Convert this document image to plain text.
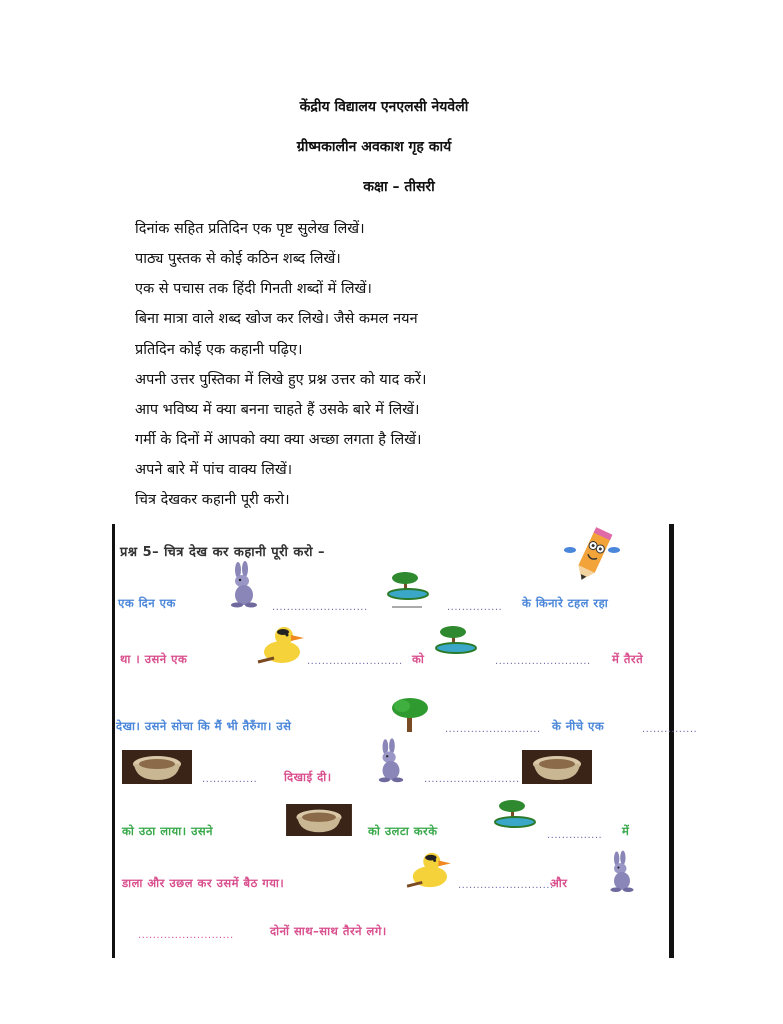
केंद्रीय विद्यालय एनएलसी नेयवेली
ग्रीष्मकालीन अवकाश गृह कार्य
कक्षा – तीसरी
दिनांक सहित प्रतिदिन एक पृष्ट सुलेख लिखें।
पाठ्य पुस्तक से कोई कठिन शब्द लिखें।
एक से पचास तक हिंदी गिनती शब्दों में लिखें।
बिना मात्रा वाले शब्द खोज कर लिखे। जैसे कमल नयन
प्रतिदिन कोई एक कहानी पढ़िए।
अपनी उत्तर पुस्तिका में लिखे हुए प्रश्न उत्तर को याद करें।
आप भविष्य में क्या बनना चाहते हैं उसके बारे में लिखें।
गर्मी के दिनों में आपको क्या क्या अच्छा लगता है लिखें।
अपने बारे में पांच वाक्य लिखें।
चित्र देखकर कहानी पूरी करो।
प्रश्न 5– चित्र देख कर कहानी पूरी करो –
एक दिन एक	..........................	............... के किनारे टहल रहा
था । उसने एक	.......................... को	.......................... में तैरते
देखा। उसने सोचा कि मैं भी तैरुँगा। उसे	.......................... के नीचे एक	...............
............... दिखाई दी।	..........................
को उठा लाया। उसने	को उलटा करके	............... में
डाला और उछल कर उसमें बैठ गया।	..........................
और
..........................	दोनों साथ–साथ तैरने लगे।
